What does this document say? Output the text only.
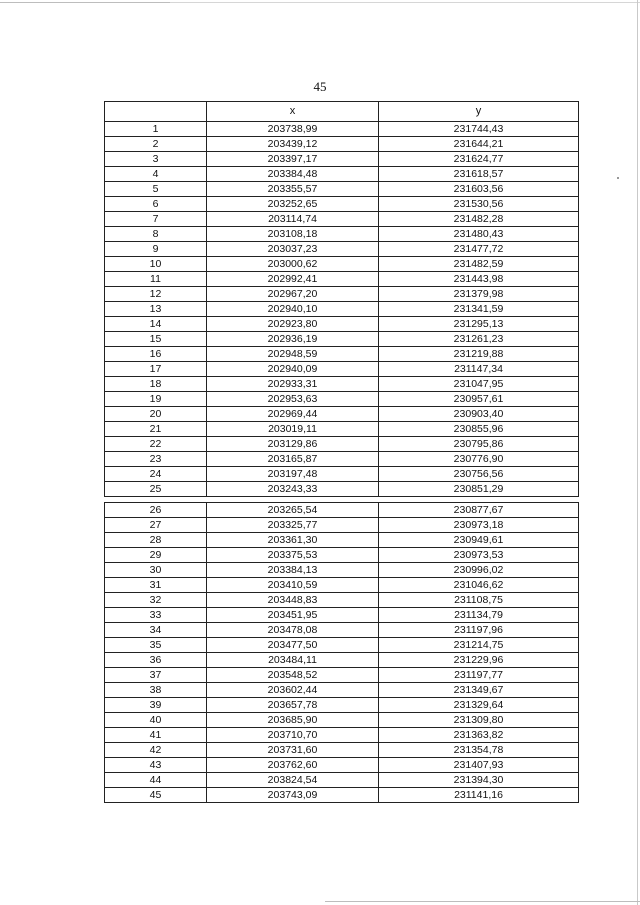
45
	x	y
1	203738,99	231744,43
2	203439,12	231644,21
3	203397,17	231624,77
4	203384,48	231618,57
5	203355,57	231603,56
6	203252,65	231530,56
7	203114,74	231482,28
8	203108,18	231480,43
9	203037,23	231477,72
10	203000,62	231482,59
11	202992,41	231443,98
12	202967,20	231379,98
13	202940,10	231341,59
14	202923,80	231295,13
15	202936,19	231261,23
16	202948,59	231219,88
17	202940,09	231147,34
18	202933,31	231047,95
19	202953,63	230957,61
20	202969,44	230903,40
21	203019,11	230855,96
22	203129,86	230795,86
23	203165,87	230776,90
24	203197,48	230756,56
25	203243,33	230851,29

26	203265,54	230877,67
27	203325,77	230973,18
28	203361,30	230949,61
29	203375,53	230973,53
30	203384,13	230996,02
31	203410,59	231046,62
32	203448,83	231108,75
33	203451,95	231134,79
34	203478,08	231197,96
35	203477,50	231214,75
36	203484,11	231229,96
37	203548,52	231197,77
38	203602,44	231349,67
39	203657,78	231329,64
40	203685,90	231309,80
41	203710,70	231363,82
42	203731,60	231354,78
43	203762,60	231407,93
44	203824,54	231394,30
45	203743,09	231141,16
